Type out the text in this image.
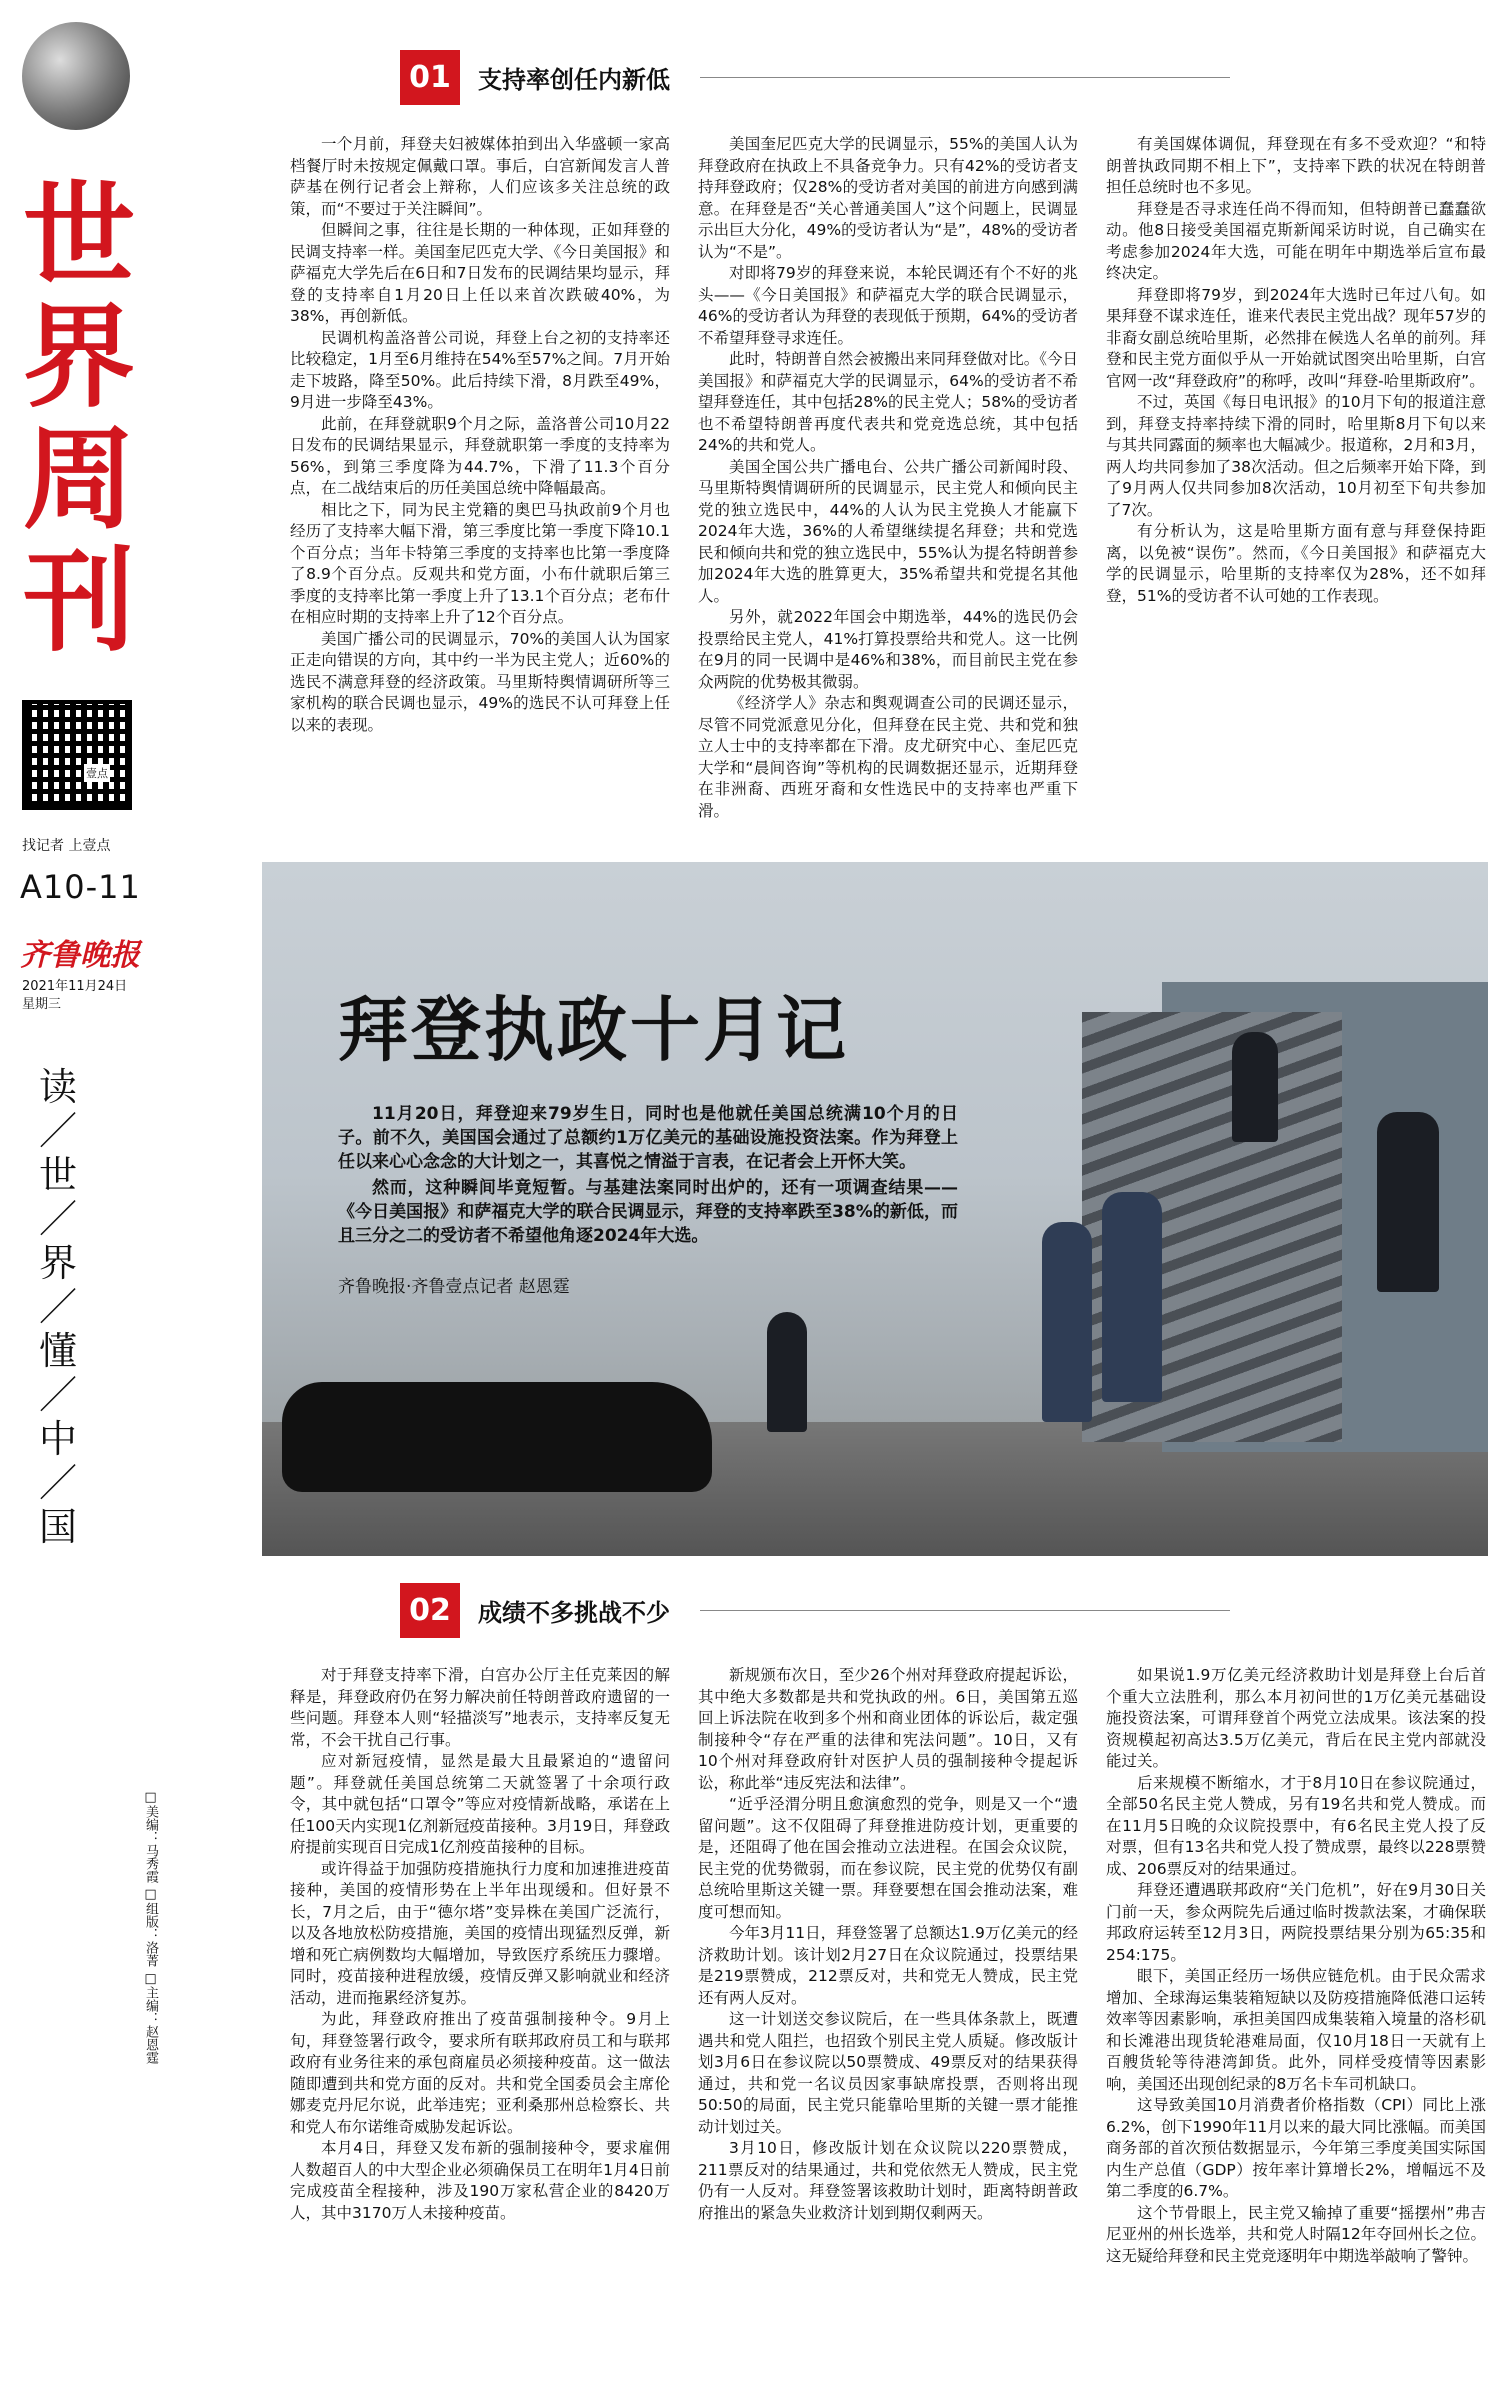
世
界
周
刊
壹点
找记者 上壹点
A10-11
齐鲁晚报
2021年11月24日
星期三
读
／
世
／
界
／
懂
／
中
／
国
□美编：马秀霞 □组版：洛菁 □主编：赵恩霆
01	支持率创任内新低

一个月前，拜登夫妇被媒体拍到出入华盛顿一家高档餐厅时未按规定佩戴口罩。事后，白宫新闻发言人普萨基在例行记者会上辩称，人们应该多关注总统的政策，而“不要过于关注瞬间”。

但瞬间之事，往往是长期的一种体现，正如拜登的民调支持率一样。美国奎尼匹克大学、《今日美国报》和萨福克大学先后在6日和7日发布的民调结果均显示，拜登的支持率自1月20日上任以来首次跌破40%，为38%，再创新低。

民调机构盖洛普公司说，拜登上台之初的支持率还比较稳定，1月至6月维持在54%至57%之间。7月开始走下坡路，降至50%。此后持续下滑，8月跌至49%，9月进一步降至43%。

此前，在拜登就职9个月之际，盖洛普公司10月22日发布的民调结果显示，拜登就职第一季度的支持率为56%，到第三季度降为44.7%，下滑了11.3个百分点，在二战结束后的历任美国总统中降幅最高。

相比之下，同为民主党籍的奥巴马执政前9个月也经历了支持率大幅下滑，第三季度比第一季度下降10.1个百分点；当年卡特第三季度的支持率也比第一季度降了8.9个百分点。反观共和党方面，小布什就职后第三季度的支持率比第一季度上升了13.1个百分点；老布什在相应时期的支持率上升了12个百分点。

美国广播公司的民调显示，70%的美国人认为国家正走向错误的方向，其中约一半为民主党人；近60%的选民不满意拜登的经济政策。马里斯特舆情调研所等三家机构的联合民调也显示，49%的选民不认可拜登上任以来的表现。

美国奎尼匹克大学的民调显示，55%的美国人认为拜登政府在执政上不具备竞争力。只有42%的受访者支持拜登政府；仅28%的受访者对美国的前进方向感到满意。在拜登是否“关心普通美国人”这个问题上，民调显示出巨大分化，49%的受访者认为“是”，48%的受访者认为“不是”。

对即将79岁的拜登来说，本轮民调还有个不好的兆头——《今日美国报》和萨福克大学的联合民调显示，46%的受访者认为拜登的表现低于预期，64%的受访者不希望拜登寻求连任。

此时，特朗普自然会被搬出来同拜登做对比。《今日美国报》和萨福克大学的民调显示，64%的受访者不希望拜登连任，其中包括28%的民主党人；58%的受访者也不希望特朗普再度代表共和党竞选总统，其中包括24%的共和党人。

美国全国公共广播电台、公共广播公司新闻时段、马里斯特舆情调研所的民调显示，民主党人和倾向民主党的独立选民中，44%的人认为民主党换人才能赢下2024年大选，36%的人希望继续提名拜登；共和党选民和倾向共和党的独立选民中，55%认为提名特朗普参加2024年大选的胜算更大，35%希望共和党提名其他人。

另外，就2022年国会中期选举，44%的选民仍会投票给民主党人，41%打算投票给共和党人。这一比例在9月的同一民调中是46%和38%，而目前民主党在参众两院的优势极其微弱。

《经济学人》杂志和舆观调查公司的民调还显示，尽管不同党派意见分化，但拜登在民主党、共和党和独立人士中的支持率都在下滑。皮尤研究中心、奎尼匹克大学和“晨间咨询”等机构的民调数据还显示，近期拜登在非洲裔、西班牙裔和女性选民中的支持率也严重下滑。

有美国媒体调侃，拜登现在有多不受欢迎？“和特朗普执政同期不相上下”，支持率下跌的状况在特朗普担任总统时也不多见。

拜登是否寻求连任尚不得而知，但特朗普已蠢蠢欲动。他8日接受美国福克斯新闻采访时说，自己确实在考虑参加2024年大选，可能在明年中期选举后宣布最终决定。

拜登即将79岁，到2024年大选时已年过八旬。如果拜登不谋求连任，谁来代表民主党出战？现年57岁的非裔女副总统哈里斯，必然排在候选人名单的前列。拜登和民主党方面似乎从一开始就试图突出哈里斯，白宫官网一改“拜登政府”的称呼，改叫“拜登-哈里斯政府”。

不过，英国《每日电讯报》的10月下旬的报道注意到，拜登支持率持续下滑的同时，哈里斯8月下旬以来与其共同露面的频率也大幅减少。报道称，2月和3月，两人均共同参加了38次活动。但之后频率开始下降，到了9月两人仅共同参加8次活动，10月初至下旬共参加了7次。

有分析认为，这是哈里斯方面有意与拜登保持距离，以免被“误伤”。然而，《今日美国报》和萨福克大学的民调显示，哈里斯的支持率仅为28%，还不如拜登，51%的受访者不认可她的工作表现。

拜登执政十月记

11月20日，拜登迎来79岁生日，同时也是他就任美国总统满10个月的日子。前不久，美国国会通过了总额约1万亿美元的基础设施投资法案。作为拜登上任以来心心念念的大计划之一，其喜悦之情溢于言表，在记者会上开怀大笑。

然而，这种瞬间毕竟短暂。与基建法案同时出炉的，还有一项调查结果——《今日美国报》和萨福克大学的联合民调显示，拜登的支持率跌至38%的新低，而且三分之二的受访者不希望他角逐2024年大选。

齐鲁晚报·齐鲁壹点记者 赵恩霆
02	成绩不多挑战不少

对于拜登支持率下滑，白宫办公厅主任克莱因的解释是，拜登政府仍在努力解决前任特朗普政府遗留的一些问题。拜登本人则“轻描淡写”地表示，支持率反复无常，不会干扰自己行事。

应对新冠疫情，显然是最大且最紧迫的“遗留问题”。拜登就任美国总统第二天就签署了十余项行政令，其中就包括“口罩令”等应对疫情新战略，承诺在上任100天内实现1亿剂新冠疫苗接种。3月19日，拜登政府提前实现百日完成1亿剂疫苗接种的目标。

或许得益于加强防疫措施执行力度和加速推进疫苗接种，美国的疫情形势在上半年出现缓和。但好景不长，7月之后，由于“德尔塔”变异株在美国广泛流行，以及各地放松防疫措施，美国的疫情出现猛烈反弹，新增和死亡病例数均大幅增加，导致医疗系统压力骤增。同时，疫苗接种进程放缓，疫情反弹又影响就业和经济活动，进而拖累经济复苏。

为此，拜登政府推出了疫苗强制接种令。9月上旬，拜登签署行政令，要求所有联邦政府员工和与联邦政府有业务往来的承包商雇员必须接种疫苗。这一做法随即遭到共和党方面的反对。共和党全国委员会主席伦娜麦克丹尼尔说，此举违宪；亚利桑那州总检察长、共和党人布尔诺维奇威胁发起诉讼。

本月4日，拜登又发布新的强制接种令，要求雇佣人数超百人的中大型企业必须确保员工在明年1月4日前完成疫苗全程接种，涉及190万家私营企业的8420万人，其中3170万人未接种疫苗。

新规颁布次日，至少26个州对拜登政府提起诉讼，其中绝大多数都是共和党执政的州。6日，美国第五巡回上诉法院在收到多个州和商业团体的诉讼后，裁定强制接种令“存在严重的法律和宪法问题”。10日，又有10个州对拜登政府针对医护人员的强制接种令提起诉讼，称此举“违反宪法和法律”。

“近乎泾渭分明且愈演愈烈的党争，则是又一个“遗留问题”。这不仅阻碍了拜登推进防疫计划，更重要的是，还阻碍了他在国会推动立法进程。在国会众议院，民主党的优势微弱，而在参议院，民主党的优势仅有副总统哈里斯这关键一票。拜登要想在国会推动法案，难度可想而知。

今年3月11日，拜登签署了总额达1.9万亿美元的经济救助计划。该计划2月27日在众议院通过，投票结果是219票赞成，212票反对，共和党无人赞成，民主党还有两人反对。

这一计划送交参议院后，在一些具体条款上，既遭遇共和党人阻拦，也招致个别民主党人质疑。修改版计划3月6日在参议院以50票赞成、49票反对的结果获得通过，共和党一名议员因家事缺席投票，否则将出现50:50的局面，民主党只能靠哈里斯的关键一票才能推动计划过关。

3月10日，修改版计划在众议院以220票赞成，211票反对的结果通过，共和党依然无人赞成，民主党仍有一人反对。拜登签署该救助计划时，距离特朗普政府推出的紧急失业救济计划到期仅剩两天。

如果说1.9万亿美元经济救助计划是拜登上台后首个重大立法胜利，那么本月初问世的1万亿美元基础设施投资法案，可谓拜登首个两党立法成果。该法案的投资规模起初高达3.5万亿美元，背后在民主党内部就没能过关。

后来规模不断缩水，才于8月10日在参议院通过，全部50名民主党人赞成，另有19名共和党人赞成。而在11月5日晚的众议院投票中，有6名民主党人投了反对票，但有13名共和党人投了赞成票，最终以228票赞成、206票反对的结果通过。

拜登还遭遇联邦政府“关门危机”，好在9月30日关门前一天，参众两院先后通过临时拨款法案，才确保联邦政府运转至12月3日，两院投票结果分别为65:35和254:175。

眼下，美国正经历一场供应链危机。由于民众需求增加、全球海运集装箱短缺以及防疫措施降低港口运转效率等因素影响，承担美国四成集装箱入境量的洛杉矶和长滩港出现货轮港难局面，仅10月18日一天就有上百艘货轮等待港湾卸货。此外，同样受疫情等因素影响，美国还出现创纪录的8万名卡车司机缺口。

这导致美国10月消费者价格指数（CPI）同比上涨6.2%，创下1990年11月以来的最大同比涨幅。而美国商务部的首次预估数据显示，今年第三季度美国实际国内生产总值（GDP）按年率计算增长2%，增幅远不及第二季度的6.7%。

这个节骨眼上，民主党又输掉了重要“摇摆州”弗吉尼亚州的州长选举，共和党人时隔12年夺回州长之位。这无疑给拜登和民主党竞逐明年中期选举敲响了警钟。
